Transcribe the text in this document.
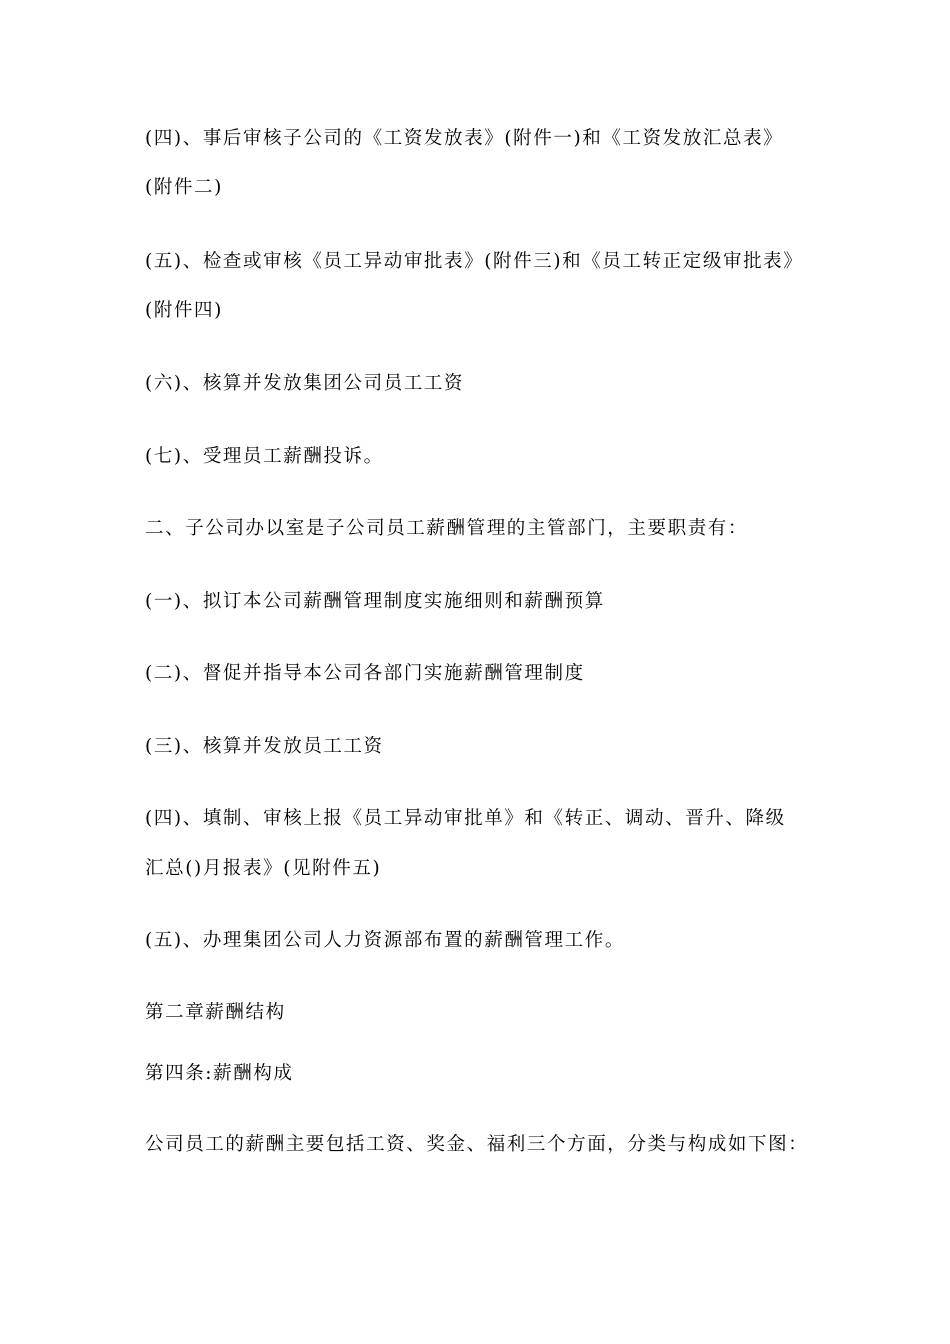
(四)、事后审核子公司的《工资发放表》(附件一)和《工资发放汇总表》
(附件二)
(五)、检查或审核《员工异动审批表》(附件三)和《员工转正定级审批表》
(附件四)
(六)、核算并发放集团公司员工工资
(七)、受理员工薪酬投诉。
二、子公司办以室是子公司员工薪酬管理的主管部门，主要职责有：
(一)、拟订本公司薪酬管理制度实施细则和薪酬预算
(二)、督促并指导本公司各部门实施薪酬管理制度
(三)、核算并发放员工工资
(四)、填制、审核上报《员工异动审批单》和《转正、调动、晋升、降级
汇总()月报表》(见附件五)
(五)、办理集团公司人力资源部布置的薪酬管理工作。
第二章薪酬结构
第四条:薪酬构成
公司员工的薪酬主要包括工资、奖金、福利三个方面，分类与构成如下图：
